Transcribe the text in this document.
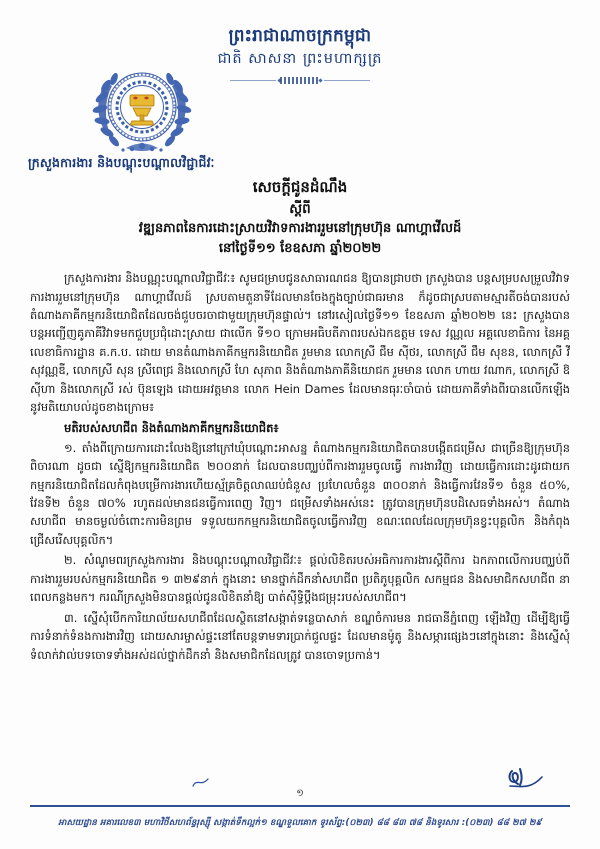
ព្រះរាជាណាចក្រកម្ពុជា
ជាតិ សាសនា ព្រះមហាក្សត្រ
ក្រសួងការងារ និងបណ្ដុះបណ្ដាលវិជ្ជាជីវៈ
សេចក្តីជូនដំណឹង
ស្តីពី
វឌ្ឍនភាពនៃការដោះស្រាយវិវាទការងាររួមនៅក្រុមហ៊ុន ណាហ្គាវើលដ៍
នៅថ្ងៃទី១១ ខែឧសភា ឆ្នាំ២០២២

ក្រសួងការងារ និងបណ្ណុះបណ្ដាលវិជ្ជាជីវៈ៖ សូមជម្រាបជូនសាធារណជន ឱ្យបានជ្រាបថា ក្រសួងបាន បន្តសម្របសម្រួលវិវាទការងាររួមនៅក្រុមហ៊ុន ណាហ្គាវើលដ៍ ស្របតាមតួនាទីដែលមានចែងក្នុងច្បាប់ជាធរមាន ក៏ដូចជាស្របតាមស្មារតីចង់បានរបស់តំណាងភាគីកម្មករនិយោជិតដែលចង់ជួបចរចាជាមួយក្រុមហ៊ុនផ្ទាល់។ នៅរសៀលថ្ងៃទី១១ ខែឧសភា ឆ្នាំ២០២២ នេះ ក្រសួងបានបន្តអញ្ជើញគូភាគីវិវាទមកជួបប្រជុំដោះស្រាយ ជាលើក ទី១០ ក្រោមអធិបតីភាពរបស់ឯកឧត្តម ទេស វណ្ណល អគ្គលេខាធិការ នៃអគ្គលេខាធិការដ្ឋាន គ.ក.ប. ដោយ មានតំណាងភាគីកម្មករនិយោជិត រួមមាន លោកស្រី ជឹម ស៊ីថរ, លោកស្រី ជឹម សុខន, លោកស្រី វី សុវណ្ណឌី, លោកស្រី សុន ស្រីពេជ្រ និងលោកស្រី ហែ សុភាព និងតំណាងភាគីនិយោជក រួមមាន លោក ហាយ វណាក, លោកស្រី ឱ ស៊ីហា និងលោកស្រី រស់ ប៊ុនឡេង ដោយអវត្តមាន លោក Hein Dames ដែលមានធុរៈចាំបាច់ ដោយភាគីទាំងពីរបានលើកឡើងនូវមតិយោបល់ដូចខាងក្រោម៖

មតិរបស់សហជីព និងតំណាងភាគីកម្មករនិយោជិត៖

១. តាំងពីក្រោយការដោះលែងឱ្យនៅក្រៅឃុំបណ្ដោះអាសន្ន តំណាងកម្មករនិយោជិតបានបង្កើតជម្រើស ជាច្រើនឱ្យក្រុមហ៊ុនពិចារណា ដូចជា ស្នើឱ្យកម្មករនិយោជិត ២០០នាក់ ដែលបានបញ្ឈប់ពីការងាររួមចូលធ្វើ ការងារវិញ ដោយធ្វើការដោះដូរជាយកកម្មករនិយោជិតដែលកំពុងបម្រើការងារហើយស្ម័គ្រចិត្តលាឈប់ជំនួស ប្រហែលចំនួន ៣០០នាក់ និងធ្វើការវែនទី១ ចំនួន ៥០%, វែនទី២ ចំនួន ៧០% រហូតដល់មានជនធ្វើការពេញ វិញ។ ជម្រើសទាំងអស់នេះ ត្រូវបានក្រុមហ៊ុនបដិសេធទាំងអស់។ តំណាងសហជីព មានចម្ងល់ចំពោះការមិនព្រម ទទួលយកកម្មករនិយោជិតចូលធ្វើការវិញ ខណៈពេលដែលក្រុមហ៊ុនខ្វះបុគ្គលិក និងកំពុងជ្រើសរើសបុគ្គលិក។

២. សំណូមពរក្រសួងការងារ និងបណ្ដុះបណ្ដាលវិជ្ជាជីវៈ៖ ផ្ដល់លិខិតរបស់អធិការការងារស្ដីពីការ ឯកភាពលើការបញ្ឈប់ពីការងាររួមរបស់កម្មករនិយោជិត ១ ៣២៩នាក់ ក្នុងនោះ មានថ្នាក់ដឹកនាំសហជីព ប្រតិភូបុគ្គលិក សកម្មជន និងសមាជិកសហជីព នាពេលកន្លងមក។ ករណីក្រសួងមិនបានផ្ដល់ជូនលិខិតនាំឱ្យ បាត់ស៊ីទ្ធិប្ដឹងជម្រុះរបស់សហជីព។

៣. ស្នើសុំបើកការិយាល័យសហជីពដែលស្ថិតនៅសង្កាត់ទន្លេបាសាក់ ខណ្ឌចំការមន រាជធានីភ្នំពេញ ឡើងវិញ ដើម្បីឱ្យធ្វើការទំនាក់ទំនងការងារវិញ ដោយសារម្ចាស់ផ្ទះនៅតែបន្តទាមទារប្រាក់ជួលផ្ទះ ដែលមានម៉ូតូ និងសម្ភារផ្សេងៗនៅក្នុងនោះ និងស្នើសុំទំលាក់វាល់បទចោទទាំងអស់ដល់ថ្នាក់ដឹកនាំ និងសមាជិកដែលត្រូវ បានចោទប្រកាន់។

១
អាសយដ្ឋាន អគារលេខ៣ មហាវិថីសហព័ន្ធរុស្ស៊ី សង្កាត់ទឹកល្អក់១ ខណ្ឌទួលគោក ទូរស័ព្ទ:(០២៣) ៨៨ ៨៣ ៧៨ និងទូរសារ :(០២៣) ៨៨ ២៧ ២៩
